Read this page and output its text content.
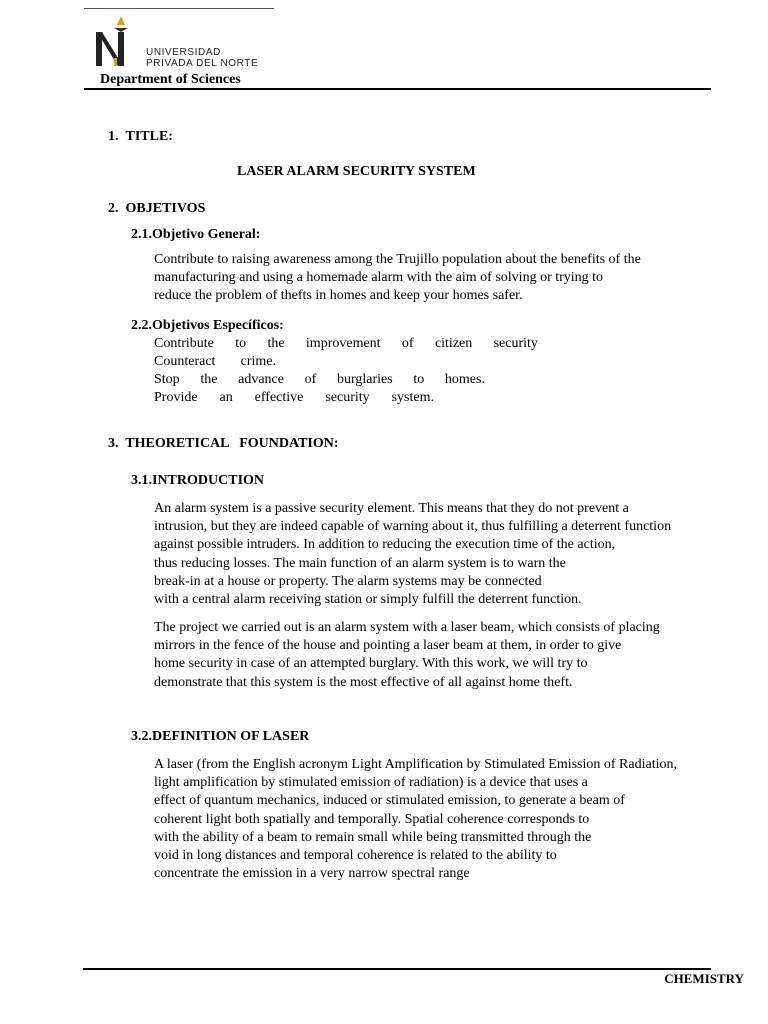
UNIVERSIDAD
PRIVADA DEL NORTE
Department of Sciences
1. TITLE:
LASER ALARM SECURITY SYSTEM
2. OBJETIVOS
2.1.Objetivo General:
Contribute to raising awareness among the Trujillo population about the benefits of the
manufacturing and using a homemade alarm with the aim of solving or trying to
reduce the problem of thefts in homes and keep your homes safer.
2.2.Objetivos Específicos:
Contribute to the improvement of citizen security
Counteract crime.
Stop the advance of burglaries to homes.
Provide an effective security system.
3. THEORETICAL   FOUNDATION:
3.1.INTRODUCTION
An alarm system is a passive security element. This means that they do not prevent a
intrusion, but they are indeed capable of warning about it, thus fulfilling a deterrent function
against possible intruders. In addition to reducing the execution time of the action,
thus reducing losses. The main function of an alarm system is to warn the
break-in at a house or property. The alarm systems may be connected
with a central alarm receiving station or simply fulfill the deterrent function.
The project we carried out is an alarm system with a laser beam, which consists of placing
mirrors in the fence of the house and pointing a laser beam at them, in order to give
home security in case of an attempted burglary. With this work, we will try to
demonstrate that this system is the most effective of all against home theft.
3.2.DEFINITION OF LASER
A laser (from the English acronym Light Amplification by Stimulated Emission of Radiation,
light amplification by stimulated emission of radiation) is a device that uses a
effect of quantum mechanics, induced or stimulated emission, to generate a beam of
coherent light both spatially and temporally. Spatial coherence corresponds to
with the ability of a beam to remain small while being transmitted through the
void in long distances and temporal coherence is related to the ability to
concentrate the emission in a very narrow spectral range
CHEMISTRY
